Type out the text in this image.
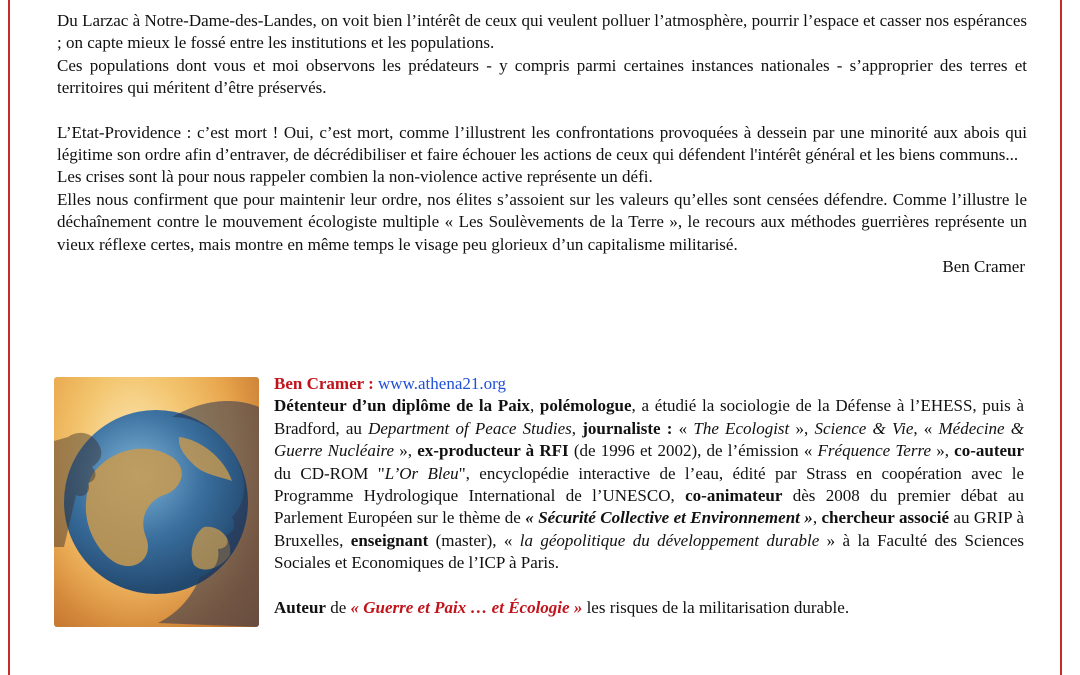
Du Larzac à Notre-Dame-des-Landes, on voit bien l’intérêt de ceux qui veulent polluer l’atmosphère, pourrir l’espace et casser nos espérances ; on capte mieux le fossé entre les institutions et les populations.

Ces populations dont vous et moi observons les prédateurs - y compris parmi certaines instances nationales - s’approprier des terres et territoires qui méritent d’être préservés.

L’Etat-Providence : c’est mort ! Oui, c’est mort, comme l’illustrent les confrontations provoquées à dessein par une minorité aux abois qui légitime son ordre afin d’entraver, de décrédibiliser et faire échouer les actions de ceux qui défendent l'intérêt général et les biens communs...

Les crises sont là pour nous rappeler combien la non-violence active représente un défi.

Elles nous confirment que pour maintenir leur ordre, nos élites s’assoient sur les valeurs qu’elles sont censées défendre. Comme l’illustre le déchaînement contre le mouvement écologiste multiple « Les Soulèvements de la Terre », le recours aux méthodes guerrières représente un vieux réflexe certes, mais montre en même temps le visage peu glorieux d’un capitalisme militarisé.

Ben Cramer

Ben Cramer : www.athena21.org
Détenteur d’un diplôme de la Paix, polémologue, a étudié la sociologie de la Défense à l’EHESS, puis à Bradford, au Department of Peace Studies, journaliste : « The Ecologist », Science & Vie, « Médecine & Guerre Nucléaire », ex-producteur à RFI (de 1996 et 2002), de l’émission « Fréquence Terre », co-auteur du CD-ROM "L’Or Bleu", encyclopédie interactive de l’eau, édité par Strass en coopération avec le Programme Hydrologique International de l’UNESCO, co-animateur dès 2008 du premier débat au Parlement Européen sur le thème de « Sécurité Collective et Environnement », chercheur associé au GRIP à Bruxelles, enseignant (master), « la géopolitique du développement durable » à la Faculté des Sciences Sociales et Economiques de l’ICP à Paris.

Auteur de « Guerre et Paix … et Écologie » les risques de la militarisation durable.
